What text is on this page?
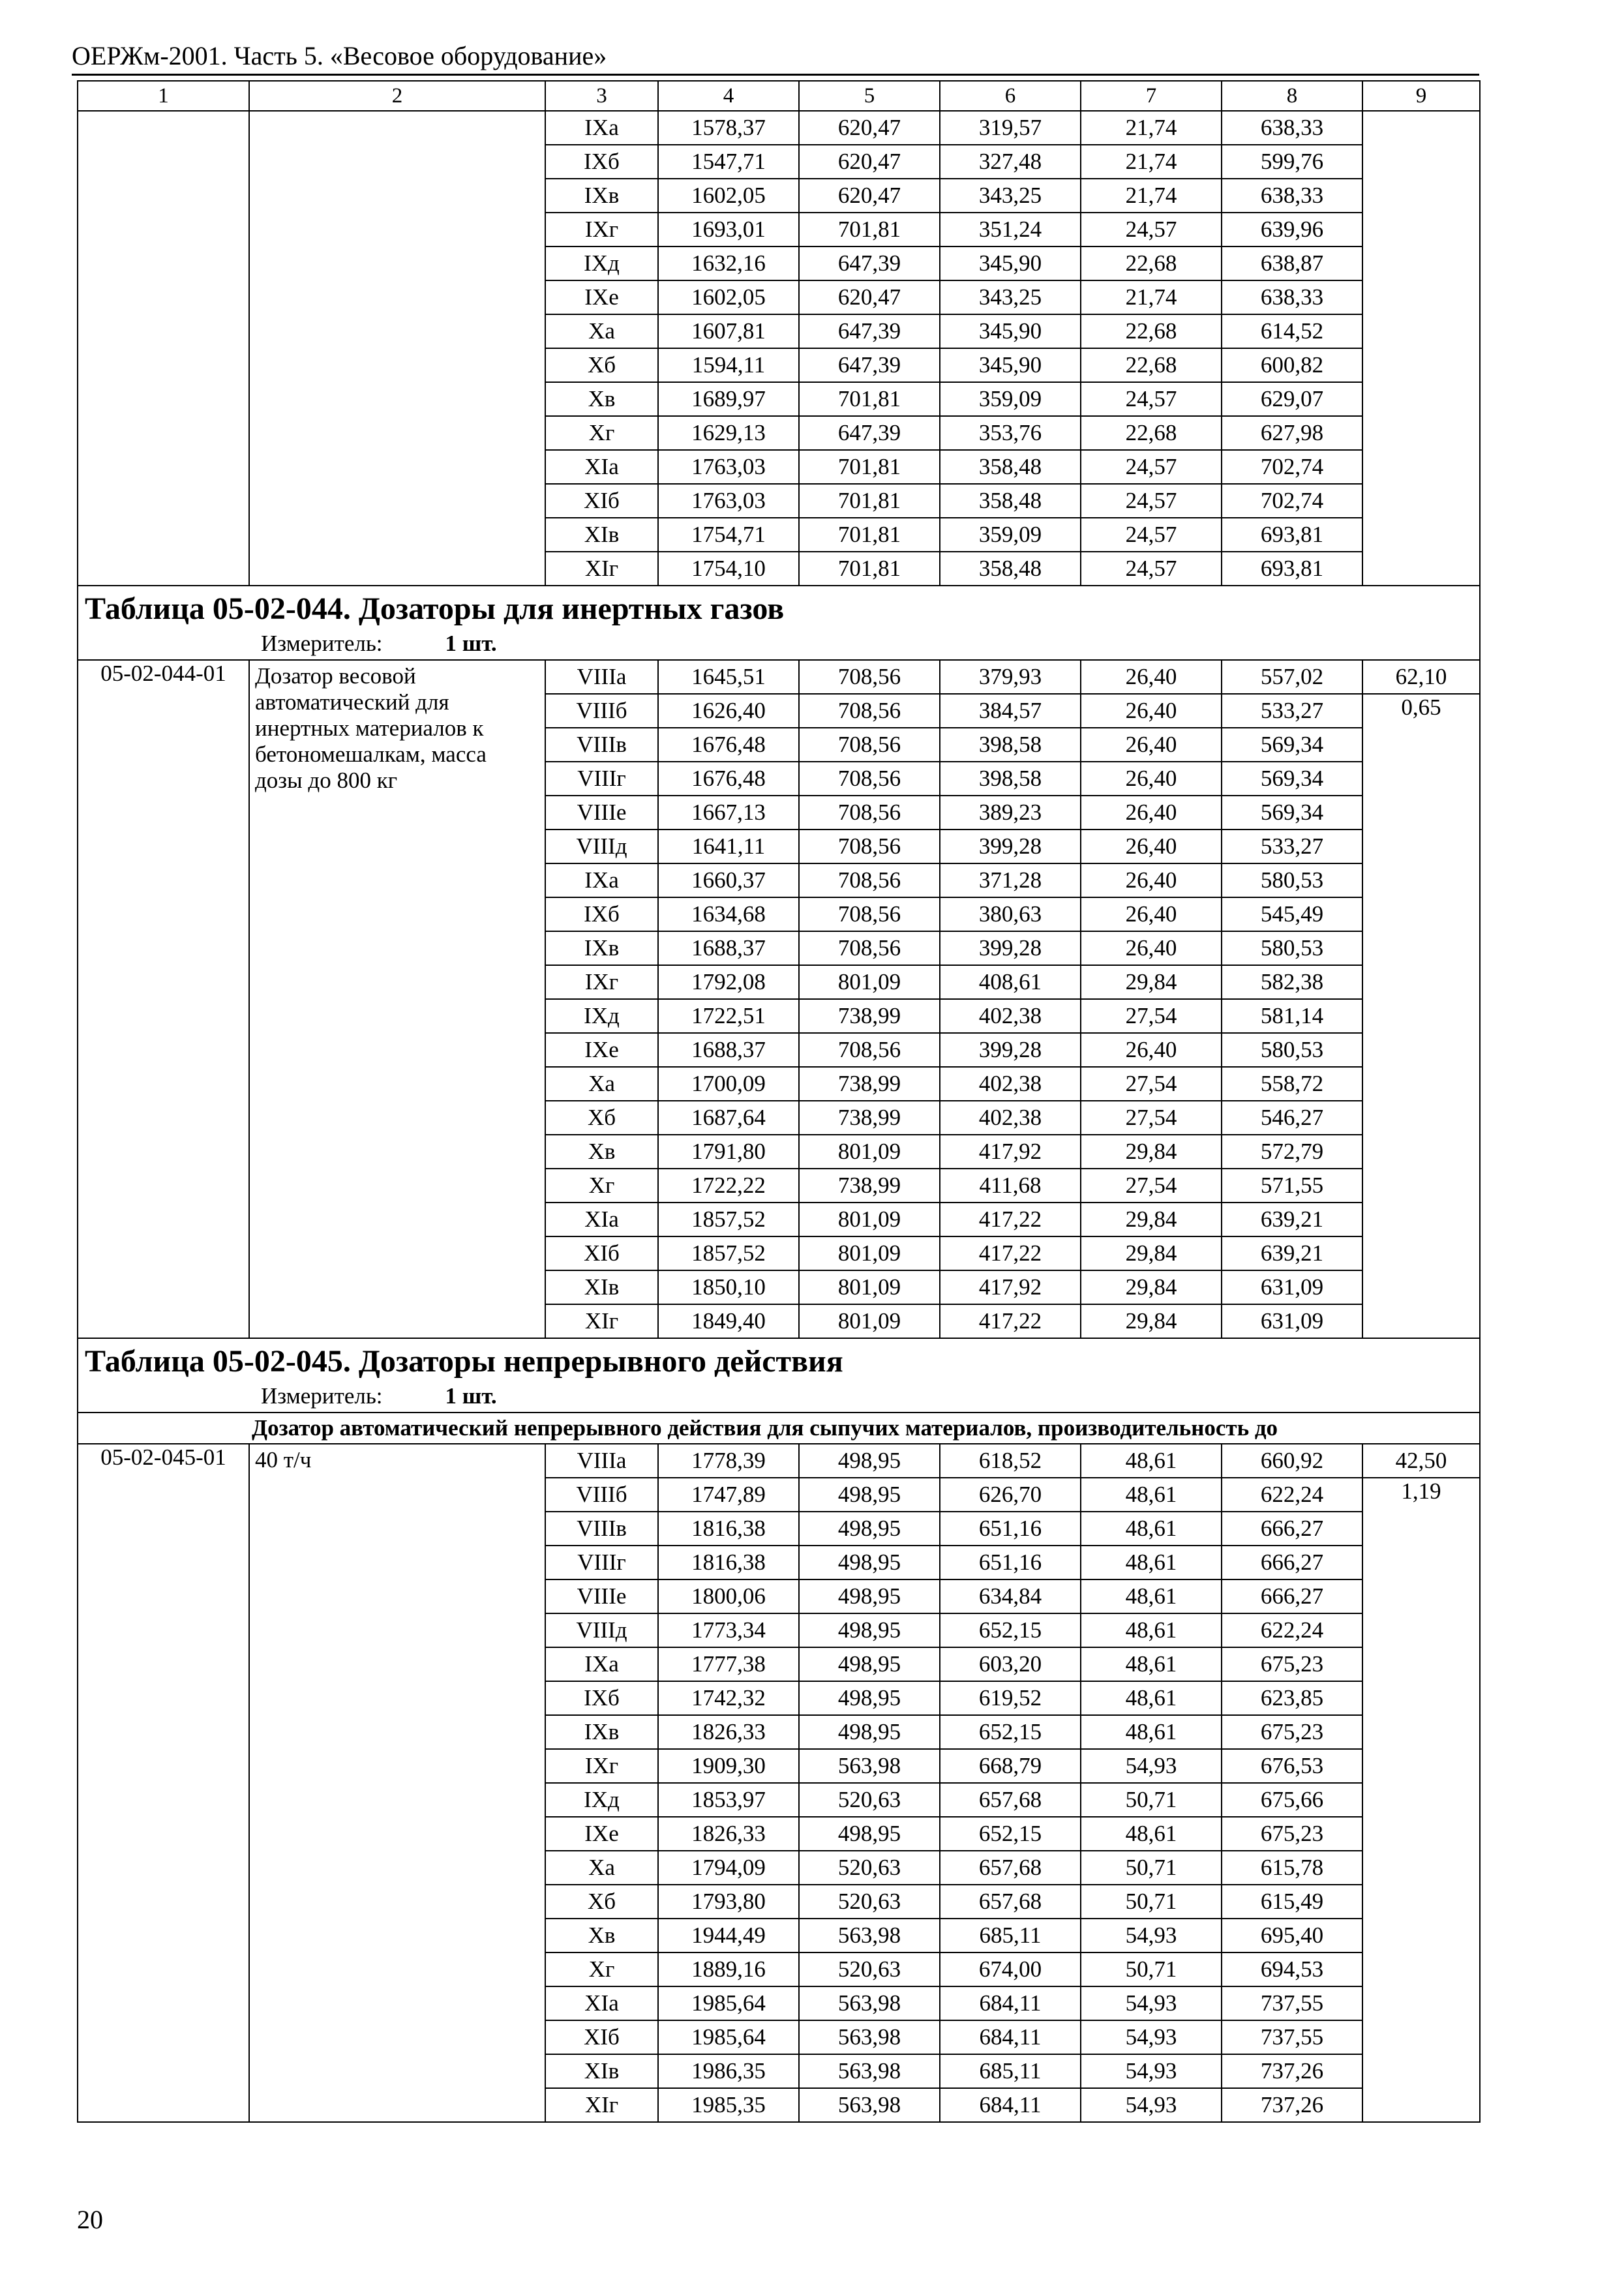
ОЕРЖм-2001. Часть 5. «Весовое оборудование»
1	2	3	4	5	6	7	8	9
		IXа	1578,37	620,47	319,57	21,74	638,33	
		IXб	1547,71	620,47	327,48	21,74	599,76	
		IXв	1602,05	620,47	343,25	21,74	638,33	
		IXг	1693,01	701,81	351,24	24,57	639,96	
		IXд	1632,16	647,39	345,90	22,68	638,87	
		IXе	1602,05	620,47	343,25	21,74	638,33	
		Xа	1607,81	647,39	345,90	22,68	614,52	
		Xб	1594,11	647,39	345,90	22,68	600,82	
		Xв	1689,97	701,81	359,09	24,57	629,07	
		Xг	1629,13	647,39	353,76	22,68	627,98	
		XIа	1763,03	701,81	358,48	24,57	702,74	
		XIб	1763,03	701,81	358,48	24,57	702,74	
		XIв	1754,71	701,81	359,09	24,57	693,81	
		XIг	1754,10	701,81	358,48	24,57	693,81	
Таблица 05-02-044. Дозаторы для инертных газов								
Измеритель: 1 шт.								
05-02-044-01	Дозатор весовой автоматический для инертных материалов к бетономешалкам, масса дозы до 800 кг	VIIIа	1645,51	708,56	379,93	26,40	557,02	62,10
		VIIIб	1626,40	708,56	384,57	26,40	533,27	0,65
		VIIIв	1676,48	708,56	398,58	26,40	569,34	
		VIIIг	1676,48	708,56	398,58	26,40	569,34	
		VIIIе	1667,13	708,56	389,23	26,40	569,34	
		VIIIд	1641,11	708,56	399,28	26,40	533,27	
		IXа	1660,37	708,56	371,28	26,40	580,53	
		IXб	1634,68	708,56	380,63	26,40	545,49	
		IXв	1688,37	708,56	399,28	26,40	580,53	
		IXг	1792,08	801,09	408,61	29,84	582,38	
		IXд	1722,51	738,99	402,38	27,54	581,14	
		IXе	1688,37	708,56	399,28	26,40	580,53	
		Xа	1700,09	738,99	402,38	27,54	558,72	
		Xб	1687,64	738,99	402,38	27,54	546,27	
		Xв	1791,80	801,09	417,92	29,84	572,79	
		Xг	1722,22	738,99	411,68	27,54	571,55	
		XIа	1857,52	801,09	417,22	29,84	639,21	
		XIб	1857,52	801,09	417,22	29,84	639,21	
		XIв	1850,10	801,09	417,92	29,84	631,09	
		XIг	1849,40	801,09	417,22	29,84	631,09	
Таблица 05-02-045. Дозаторы непрерывного действия								
Измеритель: 1 шт.								
Дозатор автоматический непрерывного действия для сыпучих материалов, производительность до								
05-02-045-01	40 т/ч	VIIIа	1778,39	498,95	618,52	48,61	660,92	42,50
		VIIIб	1747,89	498,95	626,70	48,61	622,24	1,19
		VIIIв	1816,38	498,95	651,16	48,61	666,27	
		VIIIг	1816,38	498,95	651,16	48,61	666,27	
		VIIIе	1800,06	498,95	634,84	48,61	666,27	
		VIIIд	1773,34	498,95	652,15	48,61	622,24	
		IXа	1777,38	498,95	603,20	48,61	675,23	
		IXб	1742,32	498,95	619,52	48,61	623,85	
		IXв	1826,33	498,95	652,15	48,61	675,23	
		IXг	1909,30	563,98	668,79	54,93	676,53	
		IXд	1853,97	520,63	657,68	50,71	675,66	
		IXе	1826,33	498,95	652,15	48,61	675,23	
		Xа	1794,09	520,63	657,68	50,71	615,78	
		Xб	1793,80	520,63	657,68	50,71	615,49	
		Xв	1944,49	563,98	685,11	54,93	695,40	
		Xг	1889,16	520,63	674,00	50,71	694,53	
		XIа	1985,64	563,98	684,11	54,93	737,55	
		XIб	1985,64	563,98	684,11	54,93	737,55	
		XIв	1986,35	563,98	685,11	54,93	737,26	
		XIг	1985,35	563,98	684,11	54,93	737,26	
20
